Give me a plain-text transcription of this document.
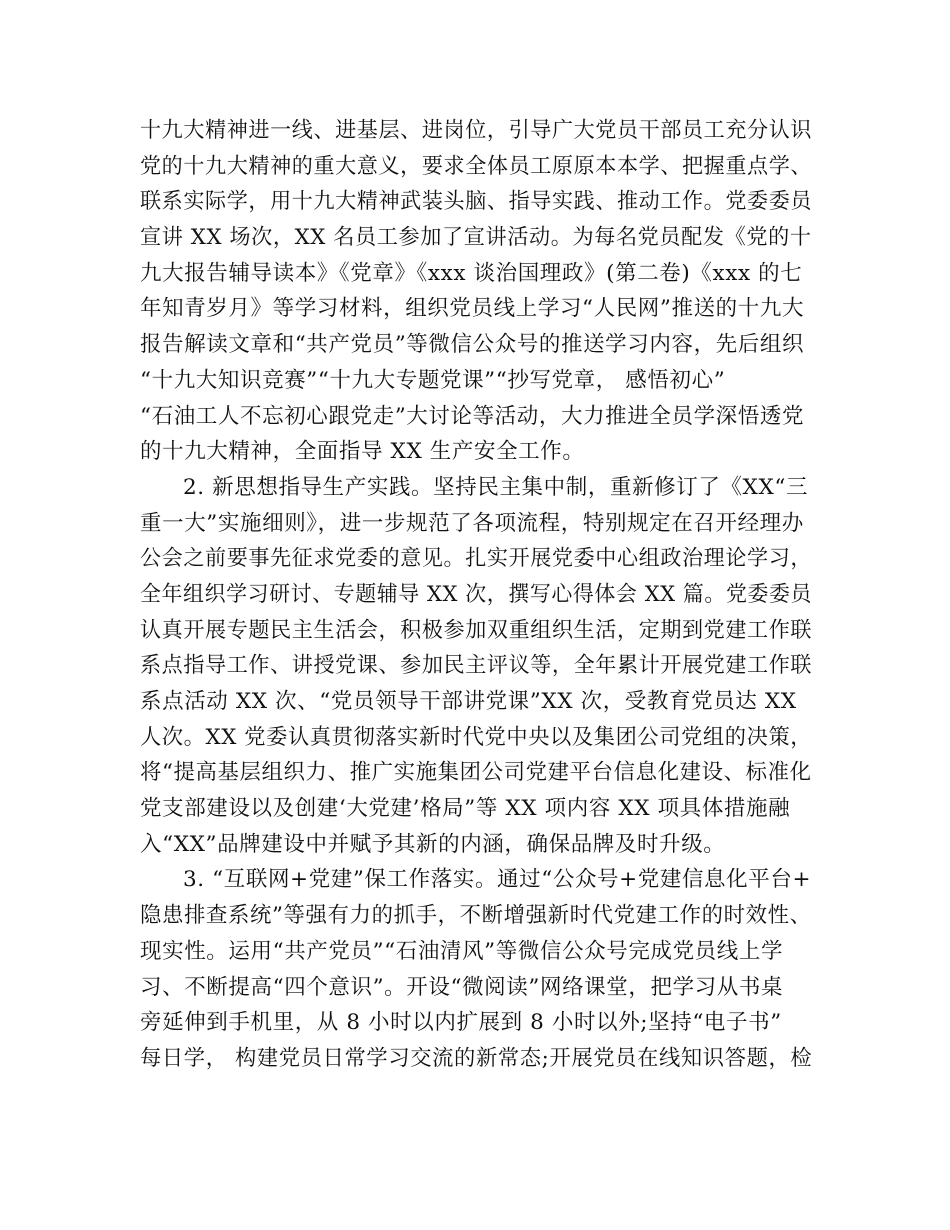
十九大精神进一线、进基层、进岗位，引导广大党员干部员工充分认识
党的十九大精神的重大意义，要求全体员工原原本本学、把握重点学、
联系实际学，用十九大精神武装头脑、指导实践、推动工作。党委委员
宣讲 XX 场次，XX 名员工参加了宣讲活动。为每名党员配发《党的十
九大报告辅导读本》《党章》《xxx 谈治国理政》(第二卷)《xxx 的七
年知青岁月》等学习材料，组织党员线上学习“人民网”推送的十九大
报告解读文章和“共产党员”等微信公众号的推送学习内容，先后组织
“十九大知识竞赛”“十九大专题党课”“抄写党章， 感悟初心”
“石油工人不忘初心跟党走”大讨论等活动，大力推进全员学深悟透党
的十九大精神，全面指导 XX 生产安全工作。
2. 新思想指导生产实践。坚持民主集中制，重新修订了《XX“三
重一大”实施细则》，进一步规范了各项流程，特别规定在召开经理办
公会之前要事先征求党委的意见。扎实开展党委中心组政治理论学习，
全年组织学习研讨、专题辅导 XX 次，撰写心得体会 XX 篇。党委委员
认真开展专题民主生活会，积极参加双重组织生活，定期到党建工作联
系点指导工作、讲授党课、参加民主评议等，全年累计开展党建工作联
系点活动 XX 次、“党员领导干部讲党课”XX 次，受教育党员达 XX
人次。XX 党委认真贯彻落实新时代党中央以及集团公司党组的决策，
将“提高基层组织力、推广实施集团公司党建平台信息化建设、标准化
党支部建设以及创建‘大党建’格局”等 XX 项内容 XX 项具体措施融
入“XX”品牌建设中并赋予其新的内涵，确保品牌及时升级。
3. “互联网+党建”保工作落实。通过“公众号+党建信息化平台+
隐患排查系统”等强有力的抓手，不断增强新时代党建工作的时效性、
现实性。运用“共产党员”“石油清风”等微信公众号完成党员线上学
习、不断提高“四个意识”。开设“微阅读”网络课堂，把学习从书桌
旁延伸到手机里，从 8 小时以内扩展到 8 小时以外;坚持“电子书”
每日学， 构建党员日常学习交流的新常态;开展党员在线知识答题，检
